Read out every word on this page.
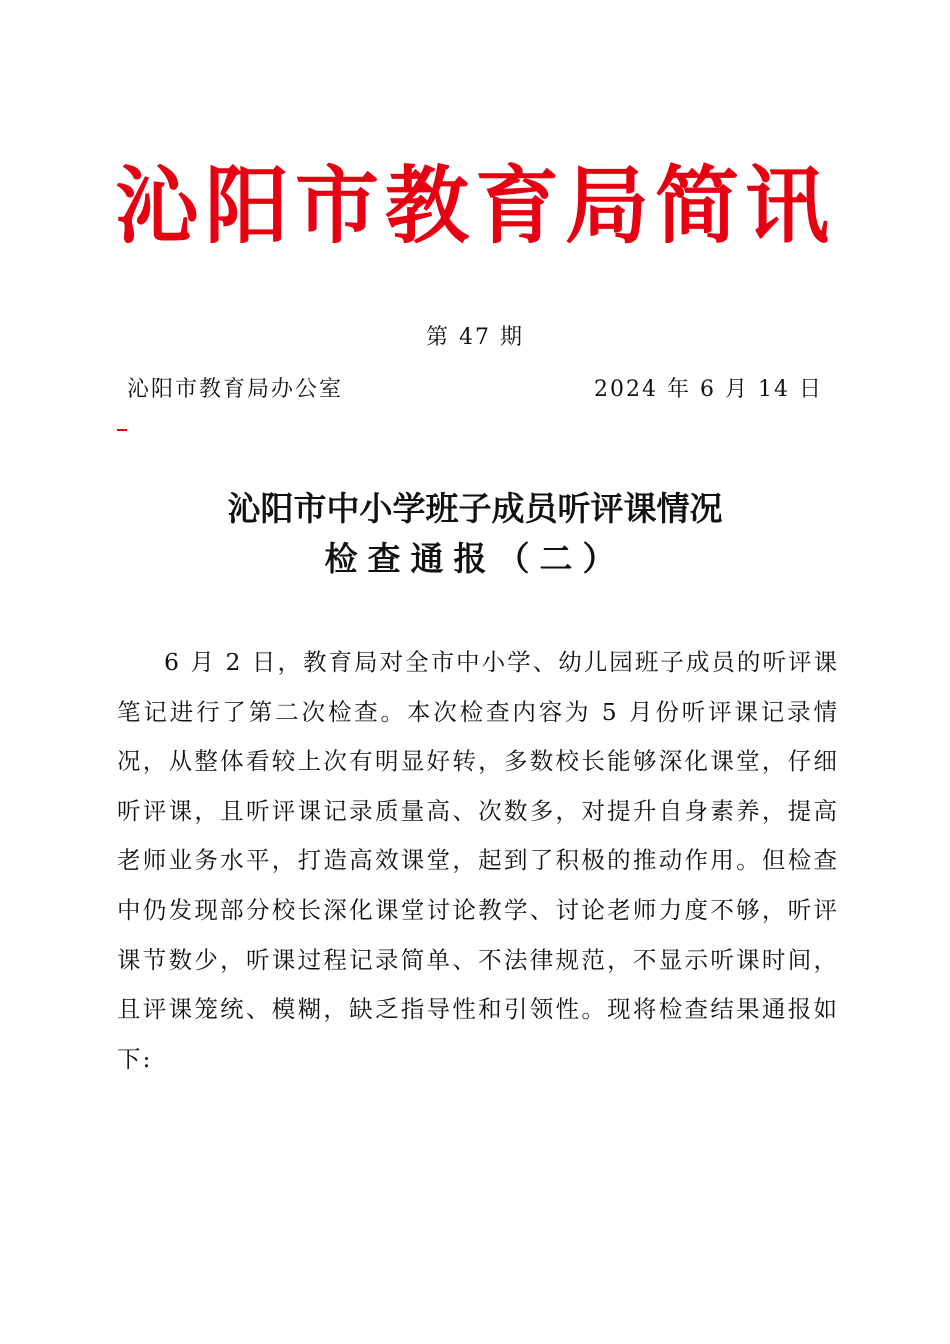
沁阳市教育局简讯
第 47 期
沁阳市教育局办公室	2024 年 6 月 14 日
沁阳市中小学班子成员听评课情况
检查通报（二）

6 月 2 日，教育局对全市中小学、幼儿园班子成员的听评课笔记进行了第二次检查。本次检查内容为 5 月份听评课记录情况，从整体看较上次有明显好转，多数校长能够深化课堂，仔细听评课，且听评课记录质量高、次数多，对提升自身素养，提高老师业务水平，打造高效课堂，起到了积极的推动作用。但检查中仍发现部分校长深化课堂讨论教学、讨论老师力度不够，听评课节数少，听课过程记录简单、不法律规范，不显示听课时间，且评课笼统、模糊，缺乏指导性和引领性。现将检查结果通报如下:
